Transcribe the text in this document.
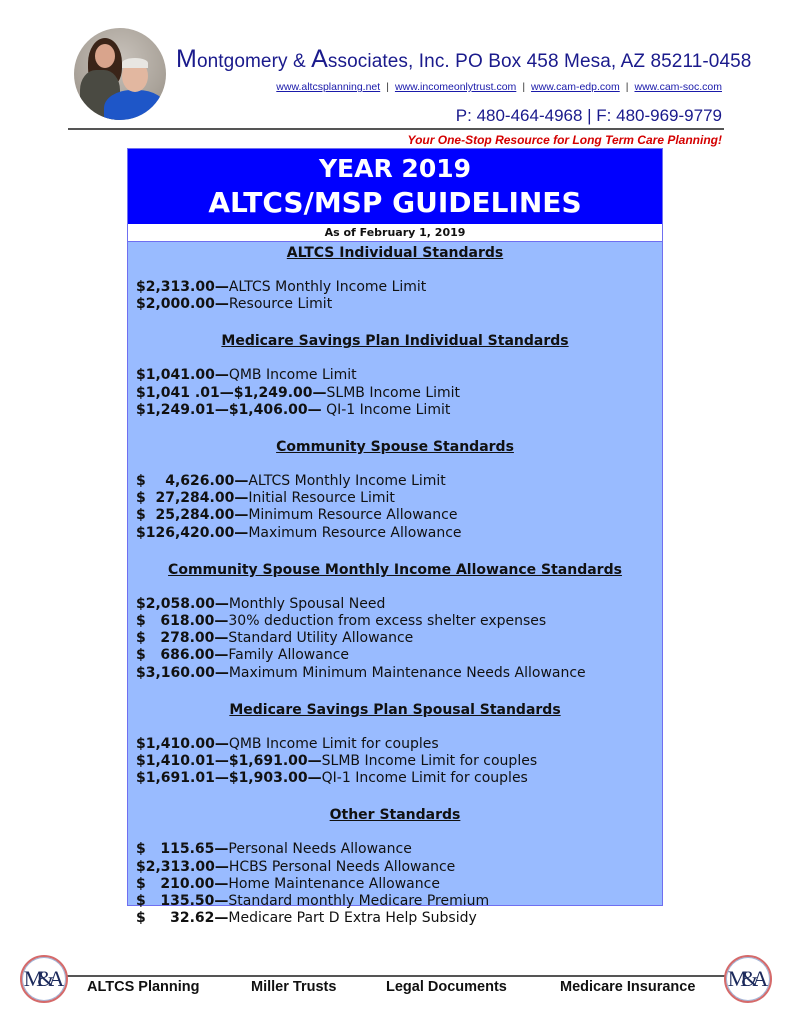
Montgomery & Associates, Inc. PO Box 458 Mesa, AZ 85211-0458
www.altcsplanning.net | www.incomeonlytrust.com | www.cam-edp.com | www.cam-soc.com
P: 480-464-4968 | F: 480-969-9779
Your One-Stop Resource for Long Term Care Planning!
YEAR 2019
ALTCS/MSP GUIDELINES
As of February 1, 2019
ALTCS Individual Standards
$2,313.00—ALTCS Monthly Income Limit
$2,000.00—Resource Limit
Medicare Savings Plan Individual Standards
$1,041.00—QMB Income Limit
$1,041 .01—$1,249.00—SLMB Income Limit
$1,249.01—$1,406.00— QI-1 Income Limit
Community Spouse Standards
$    4,626.00—ALTCS Monthly Income Limit
$  27,284.00—Initial Resource Limit
$  25,284.00—Minimum Resource Allowance
$126,420.00—Maximum Resource Allowance
Community Spouse Monthly Income Allowance Standards
$2,058.00—Monthly Spousal Need
$   618.00—30% deduction from excess shelter expenses
$   278.00—Standard Utility Allowance
$   686.00—Family Allowance
$3,160.00—Maximum Minimum Maintenance Needs Allowance
Medicare Savings Plan Spousal Standards
$1,410.00—QMB Income Limit for couples
$1,410.01—$1,691.00—SLMB Income Limit for couples
$1,691.01—$1,903.00—QI-1 Income Limit for couples
Other Standards
$   115.65—Personal Needs Allowance
$2,313.00—HCBS Personal Needs Allowance
$   210.00—Home Maintenance Allowance
$   135.50—Standard monthly Medicare Premium
$     32.62—Medicare Part D Extra Help Subsidy
M&A	M&A
ALTCS Planning	Miller Trusts	Legal Documents	Medicare Insurance
